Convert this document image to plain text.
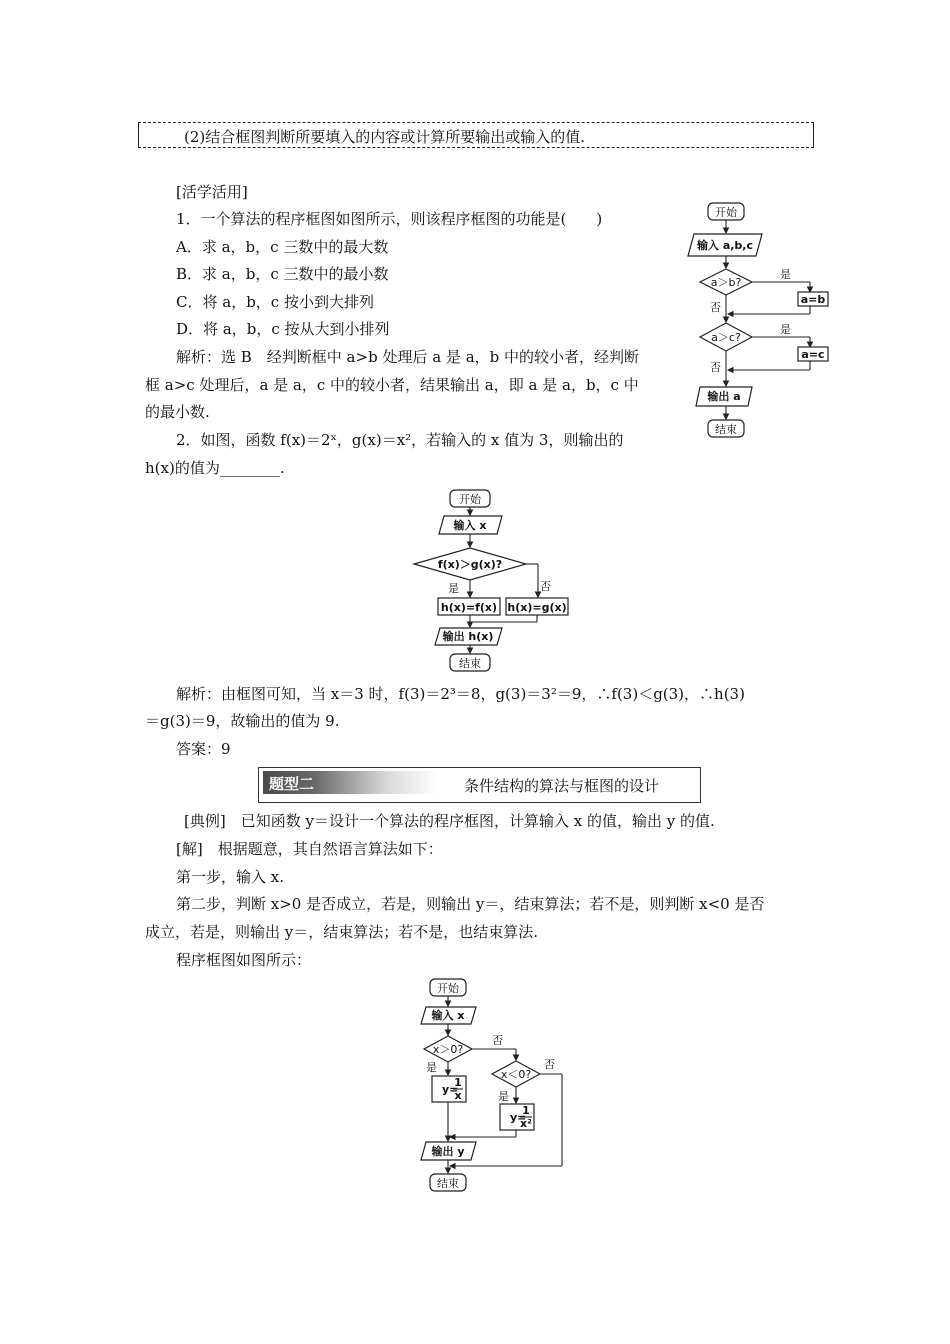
(2)结合框图判断所要填入的内容或计算所要输出或输入的值.
[活学活用]
1．一个算法的程序框图如图所示，则该程序框图的功能是(　　)
A．求 a，b，c 三数中的最大数
B．求 a，b，c 三数中的最小数
C．将 a，b，c 按小到大排列
D．将 a，b，c 按从大到小排列
解析：选 B　经判断框中 a>b 处理后 a 是 a，b 中的较小者，经判断
框 a>c 处理后，a 是 a，c 中的较小者，结果输出 a，即 a 是 a，b，c 中
的最小数.
2．如图，函数 f(x)＝2ˣ，g(x)＝x²，若输入的 x 值为 3，则输出的
h(x)的值为________.
开始
输入 a,b,c
a＞b?
是
a=b
否
a＞c?
是
a=c
否
输出 a
结束
开始
输入 x
f(x)＞g(x)?
是	否
h(x)=f(x) h(x)=g(x)
输出 h(x)
结束
解析：由框图可知，当 x＝3 时，f(3)＝2³＝8，g(3)＝3²＝9，∴f(3)＜g(3)，∴h(3)
＝g(3)＝9，故输出的值为 9.
答案：9
题型二	条件结构的算法与框图的设计
[典例]　已知函数 y＝设计一个算法的程序框图，计算输入 x 的值，输出 y 的值.
[解]　根据题意，其自然语言算法如下：
第一步，输入 x.
第二步，判断 x>0 是否成立，若是，则输出 y＝，结束算法；若不是，则判断 x<0 是否
成立，若是，则输出 y＝，结束算法；若不是，也结束算法.
程序框图如图所示：
开始
输入 x
x＞0?
否
是
y=
1
x
x＜0?
否
是
y=
1
x²
输出 y
结束
